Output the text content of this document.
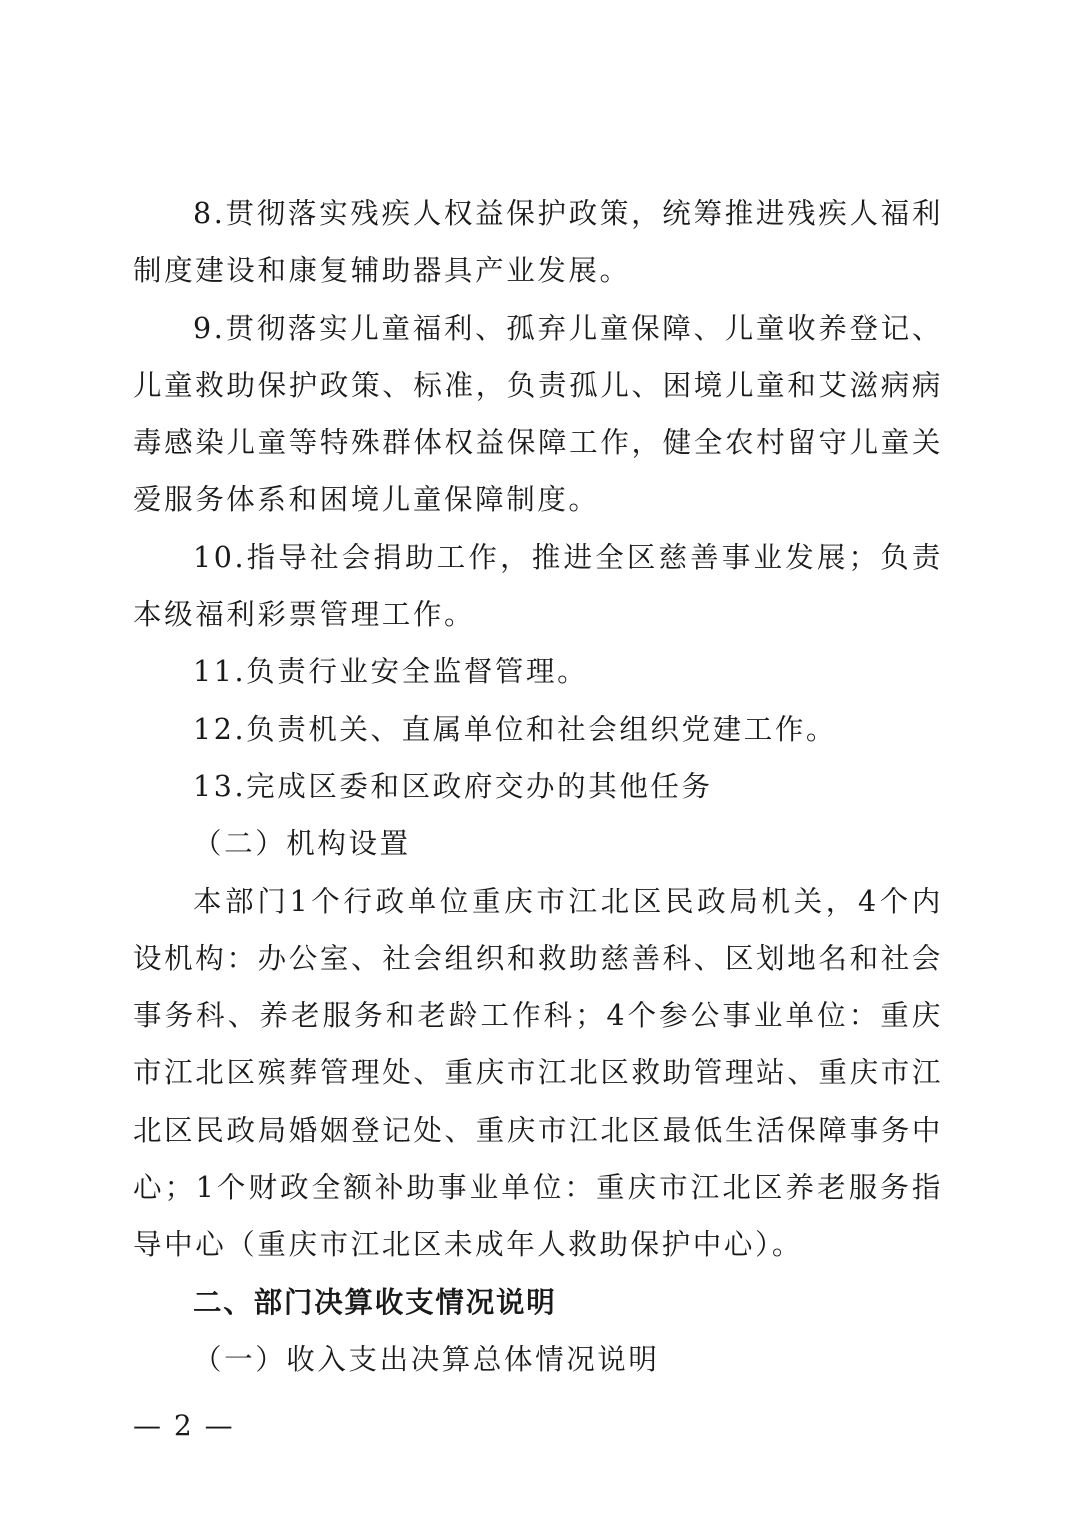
8.贯彻落实残疾人权益保护政策，统筹推进残疾人福利制度建设和康复辅助器具产业发展。

9.贯彻落实儿童福利、孤弃儿童保障、儿童收养登记、儿童救助保护政策、标准，负责孤儿、困境儿童和艾滋病病毒感染儿童等特殊群体权益保障工作，健全农村留守儿童关爱服务体系和困境儿童保障制度。

10.指导社会捐助工作，推进全区慈善事业发展；负责本级福利彩票管理工作。

11.负责行业安全监督管理。

12.负责机关、直属单位和社会组织党建工作。

13.完成区委和区政府交办的其他任务

（二）机构设置

本部门1个行政单位重庆市江北区民政局机关，4个内设机构：办公室、社会组织和救助慈善科、区划地名和社会事务科、养老服务和老龄工作科；4个参公事业单位：重庆市江北区殡葬管理处、重庆市江北区救助管理站、重庆市江北区民政局婚姻登记处、重庆市江北区最低生活保障事务中心；1个财政全额补助事业单位：重庆市江北区养老服务指导中心（重庆市江北区未成年人救助保护中心）。

二、部门决算收支情况说明

（一）收入支出决算总体情况说明

— 2 —
